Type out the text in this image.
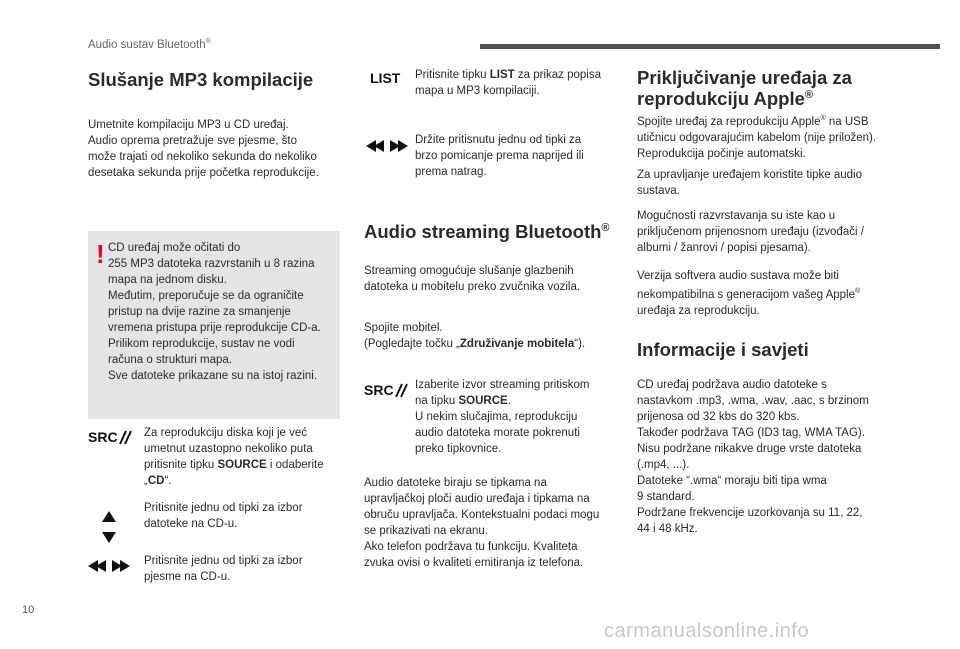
Audio sustav Bluetooth®
Slušanje MP3 kompilacije
Umetnite kompilaciju MP3 u CD uređaj.
Audio oprema pretražuje sve pjesme, što
može trajati od nekoliko sekunda do nekoliko
desetaka sekunda prije početka reprodukcije.
! CD uređaj može očitati do
255 MP3 datoteka razvrstanih u 8 razina
mapa na jednom disku.
Međutim, preporučuje se da ograničite
pristup na dvije razine za smanjenje
vremena pristupa prije reprodukcije CD-a.
Prilikom reprodukcije, sustav ne vodi
računa o strukturi mapa.
Sve datoteke prikazane su na istoj razini.
SRC Za reprodukciju diska koji je već
umetnut uzastopno nekoliko puta
pritisnite tipku SOURCE i odaberite
„CD“.
Pritisnite jednu od tipki za izbor
datoteke na CD-u.
Pritisnite jednu od tipki za izbor
pjesme na CD-u.
LIST Pritisnite tipku LIST za prikaz popisa
mapa u MP3 kompilaciji.
Držite pritisnutu jednu od tipki za
brzo pomicanje prema naprijed ili
prema natrag.
Audio streaming Bluetooth®
Streaming omogućuje slušanje glazbenih
datoteka u mobitelu preko zvučnika vozila.
Spojite mobitel.
(Pogledajte točku „Združivanje mobitela“).
SRC Izaberite izvor streaming pritiskom
na tipku SOURCE.
U nekim slučajima, reprodukciju
audio datoteka morate pokrenuti
preko tipkovnice.
Audio datoteke biraju se tipkama na
upravljačkoj ploči audio uređaja i tipkama na
obruču upravljača. Kontekstualni podaci mogu
se prikazivati na ekranu.
Ako telefon podržava tu funkciju. Kvaliteta
zvuka ovisi o kvaliteti emitiranja iz telefona.
Priključivanje uređaja za
reprodukciju Apple®
Spojite uređaj za reprodukciju Apple® na USB
utičnicu odgovarajućim kabelom (nije priložen).
Reprodukcija počinje automatski.
Za upravljanje uređajem koristite tipke audio
sustava.
Mogućnosti razvrstavanja su iste kao u
priključenom prijenosnom uređaju (izvođači /
albumi / žanrovi / popisi pjesama).
Verzija softvera audio sustava može biti
nekompatibilna s generacijom vašeg Apple®
uređaja za reprodukciju.
Informacije i savjeti
CD uređaj podržava audio datoteke s
nastavkom .mp3, .wma, .wav, .aac, s brzinom
prijenosa od 32 kbs do 320 kbs.
Također podržava TAG (ID3 tag, WMA TAG).
Nisu podržane nikakve druge vrste datoteka
(.mp4, ...).
Datoteke “.wma“ moraju biti tipa wma
9 standard.
Podržane frekvencije uzorkovanja su 11, 22,
44 i 48 kHz.
10
carmanualsonline.info
